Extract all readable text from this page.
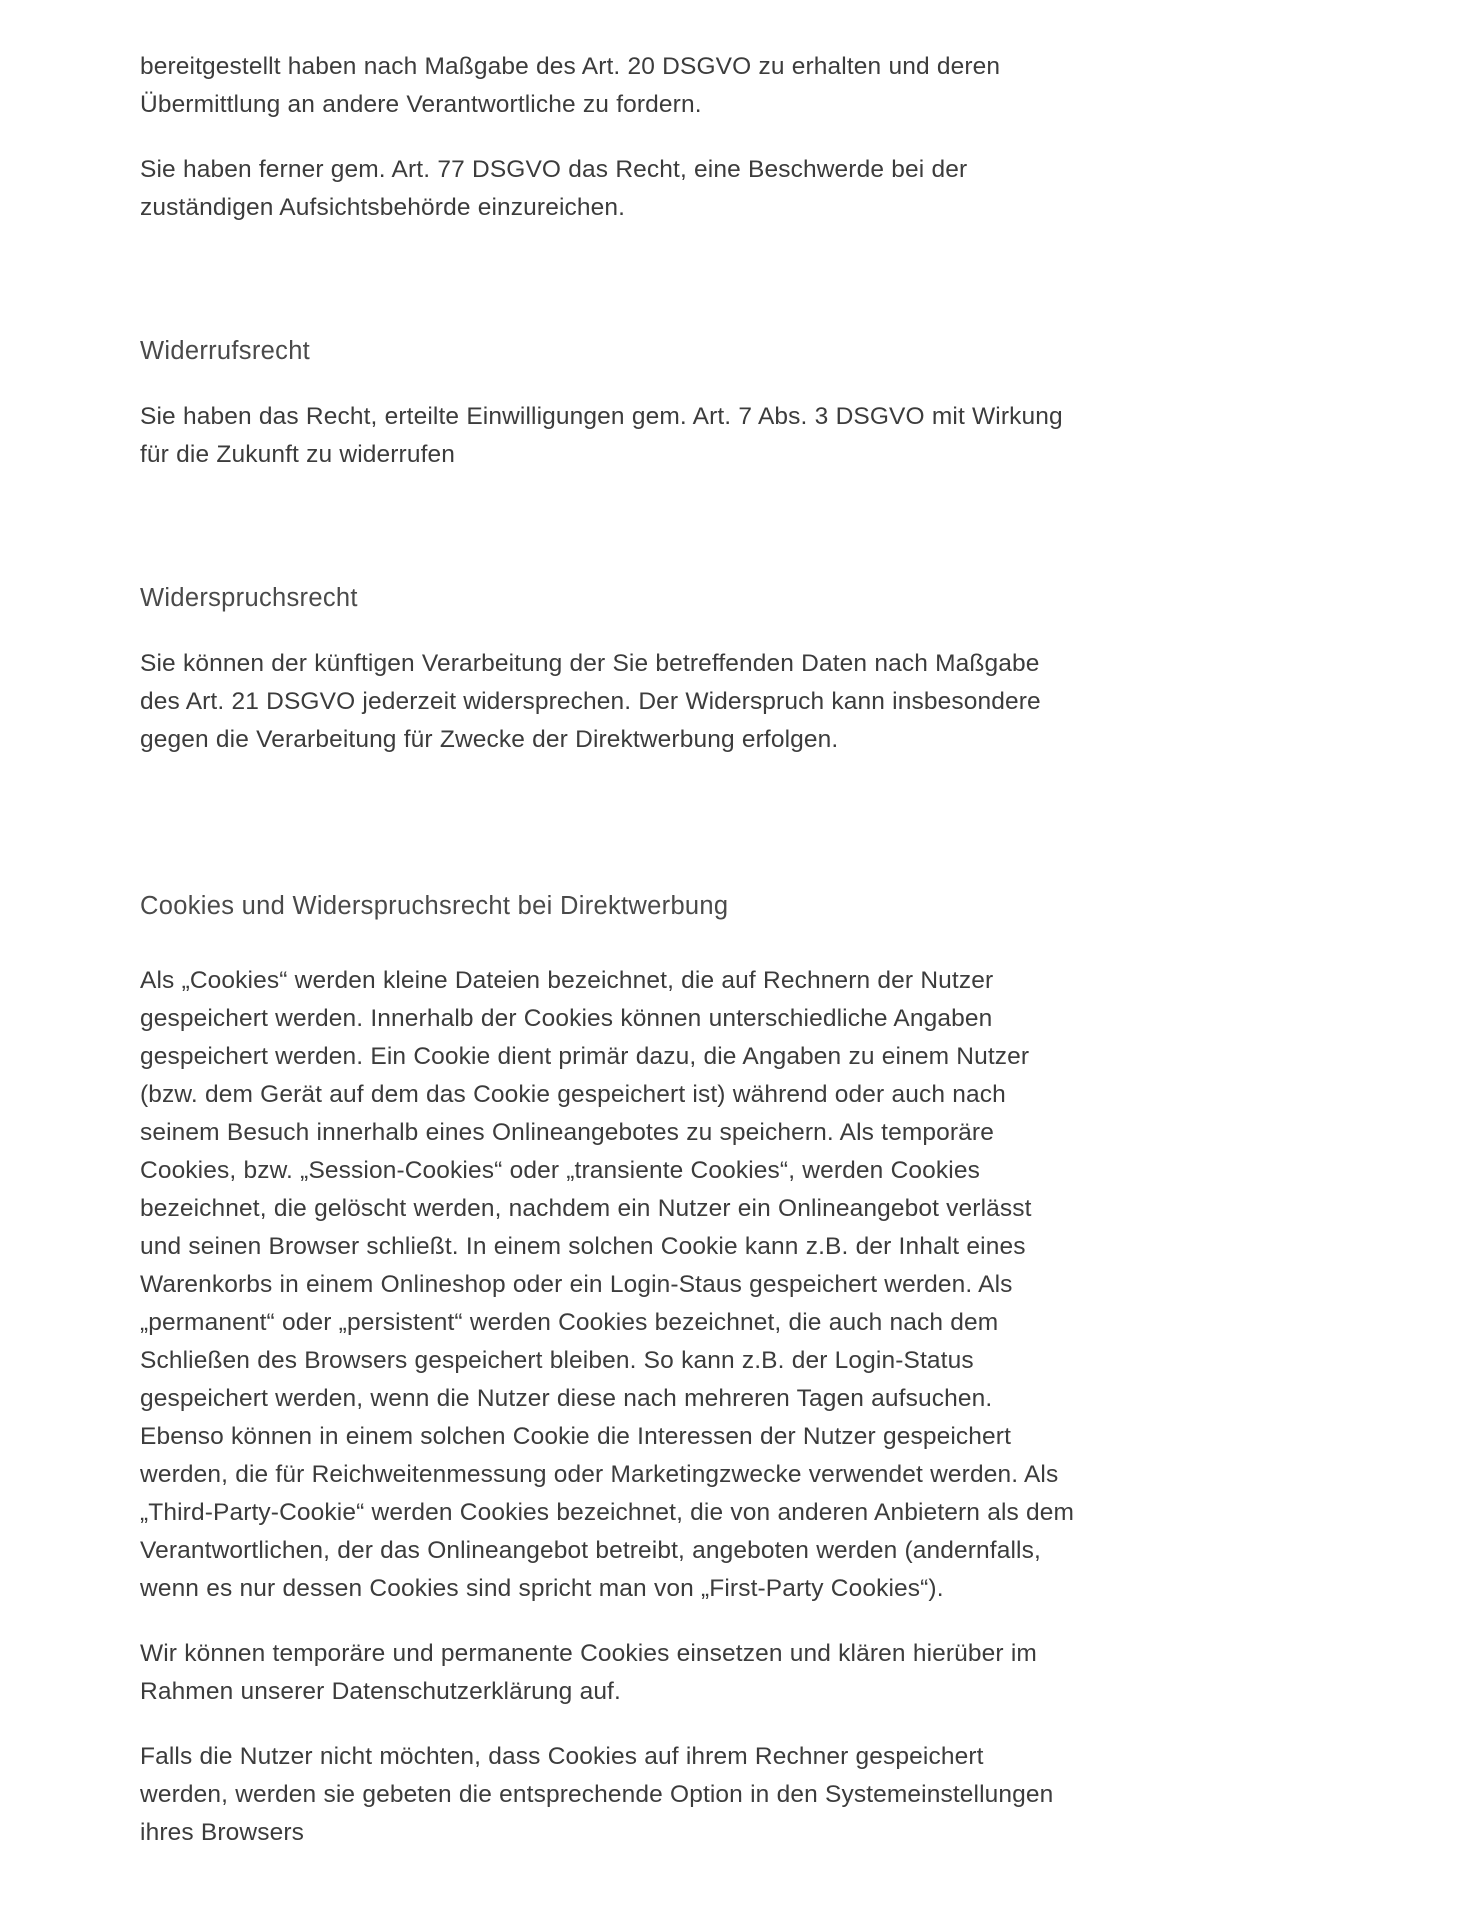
bereitgestellt haben nach Maßgabe des Art. 20 DSGVO zu erhalten und deren Übermittlung an andere Verantwortliche zu fordern.

Sie haben ferner gem. Art. 77 DSGVO das Recht, eine Beschwerde bei der zuständigen Aufsichtsbehörde einzureichen.

Widerrufsrecht

Sie haben das Recht, erteilte Einwilligungen gem. Art. 7 Abs. 3 DSGVO mit Wirkung für die Zukunft zu widerrufen

Widerspruchsrecht

Sie können der künftigen Verarbeitung der Sie betreffenden Daten nach Maßgabe des Art. 21 DSGVO jederzeit widersprechen. Der Widerspruch kann insbesondere gegen die Verarbeitung für Zwecke der Direktwerbung erfolgen.

Cookies und Widerspruchsrecht bei Direktwerbung

Als „Cookies“ werden kleine Dateien bezeichnet, die auf Rechnern der Nutzer gespeichert werden. Innerhalb der Cookies können unterschiedliche Angaben gespeichert werden. Ein Cookie dient primär dazu, die Angaben zu einem Nutzer (bzw. dem Gerät auf dem das Cookie gespeichert ist) während oder auch nach seinem Besuch innerhalb eines Onlineangebotes zu speichern. Als temporäre Cookies, bzw. „Session-Cookies“ oder „transiente Cookies“, werden Cookies bezeichnet, die gelöscht werden, nachdem ein Nutzer ein Onlineangebot verlässt und seinen Browser schließt. In einem solchen Cookie kann z.B. der Inhalt eines Warenkorbs in einem Onlineshop oder ein Login-Staus gespeichert werden. Als „permanent“ oder „persistent“ werden Cookies bezeichnet, die auch nach dem Schließen des Browsers gespeichert bleiben. So kann z.B. der Login-Status gespeichert werden, wenn die Nutzer diese nach mehreren Tagen aufsuchen. Ebenso können in einem solchen Cookie die Interessen der Nutzer gespeichert werden, die für Reichweitenmessung oder Marketingzwecke verwendet werden. Als „Third-Party-Cookie“ werden Cookies bezeichnet, die von anderen Anbietern als dem Verantwortlichen, der das Onlineangebot betreibt, angeboten werden (andernfalls, wenn es nur dessen Cookies sind spricht man von „First-Party Cookies“).

Wir können temporäre und permanente Cookies einsetzen und klären hierüber im Rahmen unserer Datenschutzerklärung auf.

Falls die Nutzer nicht möchten, dass Cookies auf ihrem Rechner gespeichert werden, werden sie gebeten die entsprechende Option in den Systemeinstellungen ihres Browsers
